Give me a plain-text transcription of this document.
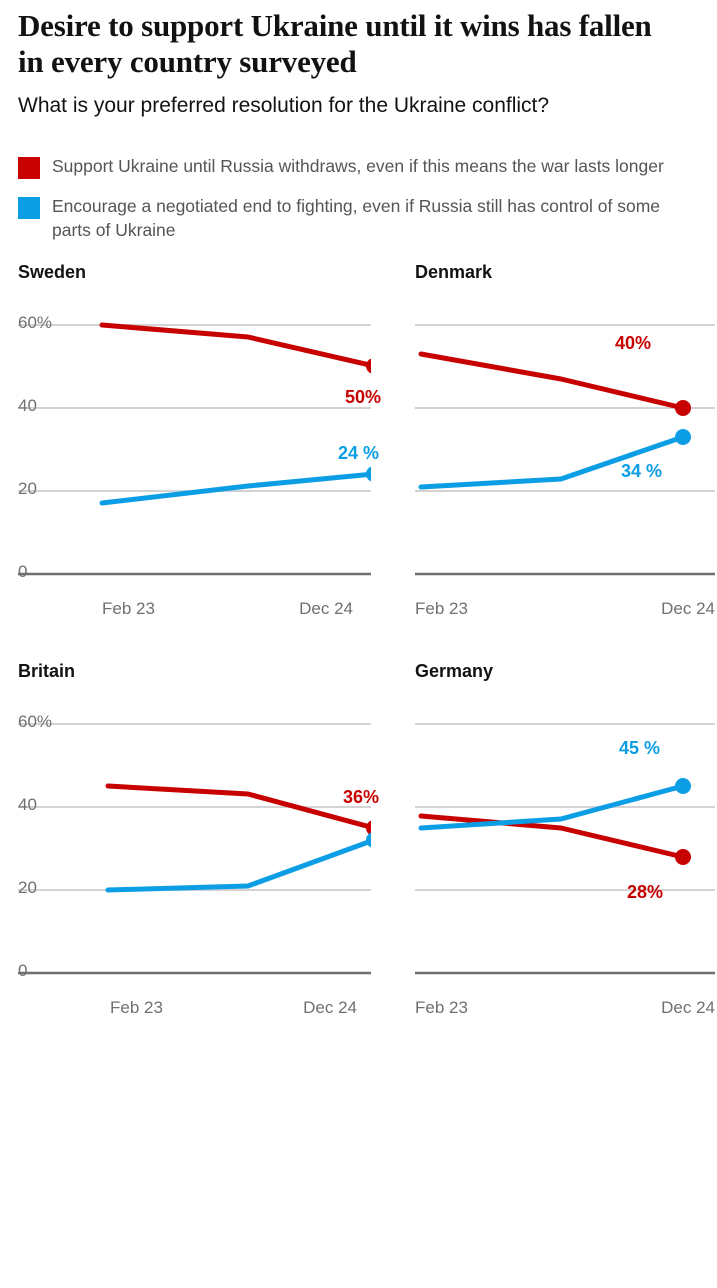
Desire to support Ukraine until it wins has fallen in every country surveyed

What is your preferred resolution for the Ukraine conflict?

Support Ukraine until Russia withdraws, even if this means the war lasts longer
Encourage a negotiated end to fighting, even if Russia still has control of some parts of Ukraine
Sweden
60%
40
20
0
50%
24 %
Feb 23	Dec 24
Denmark
40%
34 %
Feb 23	Dec 24
Britain
60%
40
20
0
36%
Feb 23	Dec 24
Germany
45 %
28%
Feb 23	Dec 24
